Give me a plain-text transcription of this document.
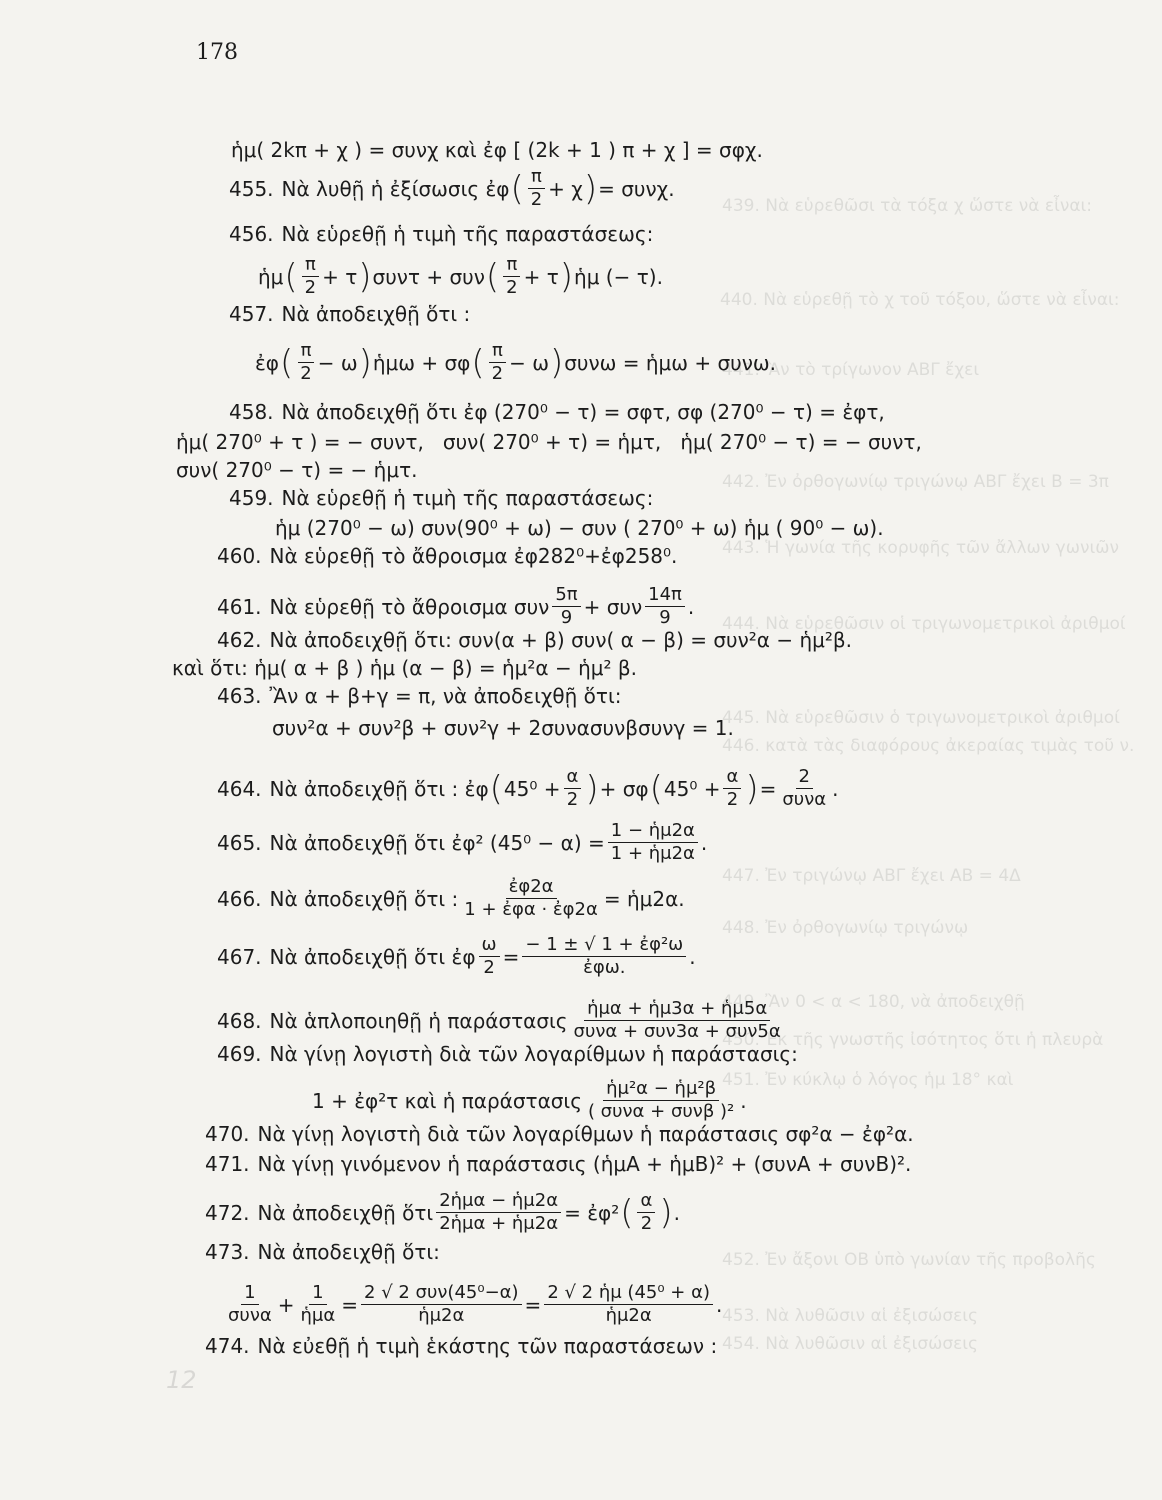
439. Νὰ εὑρεθῶσι τὰ τόξα χ ὥστε νὰ εἶναι:
440. Νὰ εὑρεθῇ τὸ χ τοῦ τόξου, ὥστε νὰ εἶναι:
441. Ἂν τὸ τρίγωνον ΑΒΓ ἔχει
442. Ἐν ὀρθογωνίῳ τριγώνῳ ΑΒΓ ἔχει Β = 3π
443. Ἡ γωνία τῆς κορυφῆς τῶν ἄλλων γωνιῶν
444. Νὰ εὑρεθῶσιν οἱ τριγωνομετρικοὶ ἀριθμοί
445. Νὰ εὑρεθῶσιν ὁ τριγωνομετρικοὶ ἀριθμοί
446. κατὰ τὰς διαφόρους ἀκεραίας τιμὰς τοῦ ν.
447. Ἐν τριγώνῳ ΑΒΓ ἔχει ΑΒ = 4Δ
448. Ἐν ὀρθογωνίῳ τριγώνῳ
449. Ἂν 0 < α < 180, νὰ ἀποδειχθῇ
450. Ἐκ τῆς γνωστῆς ἰσότητος ὅτι ἡ πλευρὰ
451. Ἐν κύκλῳ ὁ λόγος ἡμ 18° καὶ
452. Ἐν ἄξονι ΟΒ ὑπὸ γωνίαν τῆς προβολῆς
453. Νὰ λυθῶσιν αἱ ἐξισώσεις
454. Νὰ λυθῶσιν αἱ ἐξισώσεις
12
178
ἡμ( 2kπ + χ ) = συνχ καὶ ἐφ [ (2k + 1 ) π + χ ] = σφχ.
455. Νὰ λυθῇ ἡ ἐξίσωσις ἐφ ( $\frac{\pi}{2} + \chi$ ) = συνχ.
456. Νὰ εὑρεθῇ ἡ τιμὴ τῆς παραστάσεως:
ἡμ ( $\frac{\pi}{2} + \tau$ ) συντ + συν ( $\frac{\pi}{2} + \tau$ ) ἡμ (− τ).
457. Νὰ ἀποδειχθῇ ὅτι :
ἐφ ( $\frac{\pi}{2} - \omega$ ) ἡμω + σφ ( $\frac{\pi}{2} - \omega$ ) συνω = ἡμω + συνω.
458. Νὰ ἀποδειχθῇ ὅτι ἐφ (270⁰ − τ) = σφτ, σφ (270⁰ − τ) = ἐφτ,
ἡμ( 270⁰ + τ ) = − συντ,   συν( 270⁰ + τ) = ἡμτ,   ἡμ( 270⁰ − τ) = − συντ,
συν( 270⁰ − τ) = − ἡμτ.
459. Νὰ εὑρεθῇ ἡ τιμὴ τῆς παραστάσεως:
ἡμ (270⁰ − ω) συν(90⁰ + ω) − συν ( 270⁰ + ω) ἡμ ( 90⁰ − ω).
460. Νὰ εὑρεθῇ τὸ ἄθροισμα ἐφ282⁰+ἐφ258⁰.
461. Νὰ εὑρεθῇ τὸ ἄθροισμα συν $\frac{5\pi}{9} + \sigma\upsilon\nu \frac{14\pi}{9}$ .
462. Νὰ ἀποδειχθῇ ὅτι: συν(α + β) συν( α − β) = συν²α − ἡμ²β.
καὶ ὅτι: ἡμ( α + β ) ἡμ (α − β) = ἡμ²α − ἡμ² β.
463. Ἂν α + β+γ = π, νὰ ἀποδειχθῇ ὅτι:
συν²α + συν²β + συν²γ + 2συνασυνβσυνγ = 1.
464. Νὰ ἀποδειχθῇ ὅτι : ἐφ ( $45^0 + \frac{\alpha}{2}$ ) + σφ ( $45^0 + \frac{\alpha}{2}$ ) = $\frac{2}{\text{συνα}}$ .
465. Νὰ ἀποδειχθῇ ὅτι ἐφ² $(45^0 - \alpha) = \frac{\text{1 − ἡμ2α}}{\text{1 + ἡμ2α}}$ .
466. Νὰ ἀποδειχθῇ ὅτι : $\frac{\text{ἐφ2α}}{\text{1 + ἐφα · ἐφ2α}}$ = ἡμ2α.
467. Νὰ ἀποδειχθῇ ὅτι ἐφ $\frac{\omega}{2} = \frac{\text{− 1 ± √ 1 + ἐφ²ω}}{\text{ἐφω.}}$ .
468. Νὰ ἁπλοποιηθῇ ἡ παράστασις $\frac{\text{ἡμα + ἡμ3α + ἡμ5α}}{\text{συνα + συν3α + συν5α}}$
469. Νὰ γίνῃ λογιστὴ διὰ τῶν λογαρίθμων ἡ παράστασις:
1 + ἐφ²τ καὶ ἡ παράστασις $\frac{\text{ἡμ²α − ἡμ²β}}{\text{( συνα + συνβ )²}}$ .
470. Νὰ γίνῃ λογιστὴ διὰ τῶν λογαρίθμων ἡ παράστασις σφ²α − ἐφ²α.
471. Νὰ γίνῃ γινόμενον ἡ παράστασις (ἡμΑ + ἡμΒ)² + (συνΑ + συνΒ)².
472. Νὰ ἀποδειχθῇ ὅτι $\frac{\text{2ἡμα − ἡμ2α}}{\text{2ἡμα + ἡμ2α}}$ = ἐφ² ( $\frac{\alpha}{2}$ ) .
473. Νὰ ἀποδειχθῇ ὅτι:
$\frac{1}{\text{συνα}} + \frac{1}{\text{ἡμα}} = \frac{\text{2 √ 2 συν(45⁰−α)}}{\text{ἡμ2α}} = \frac{\text{2 √ 2 ἡμ (45⁰ + α)}}{\text{ἡμ2α}}$ .
474. Νὰ εὐεθῇ ἡ τιμὴ ἑκάστης τῶν παραστάσεων :
